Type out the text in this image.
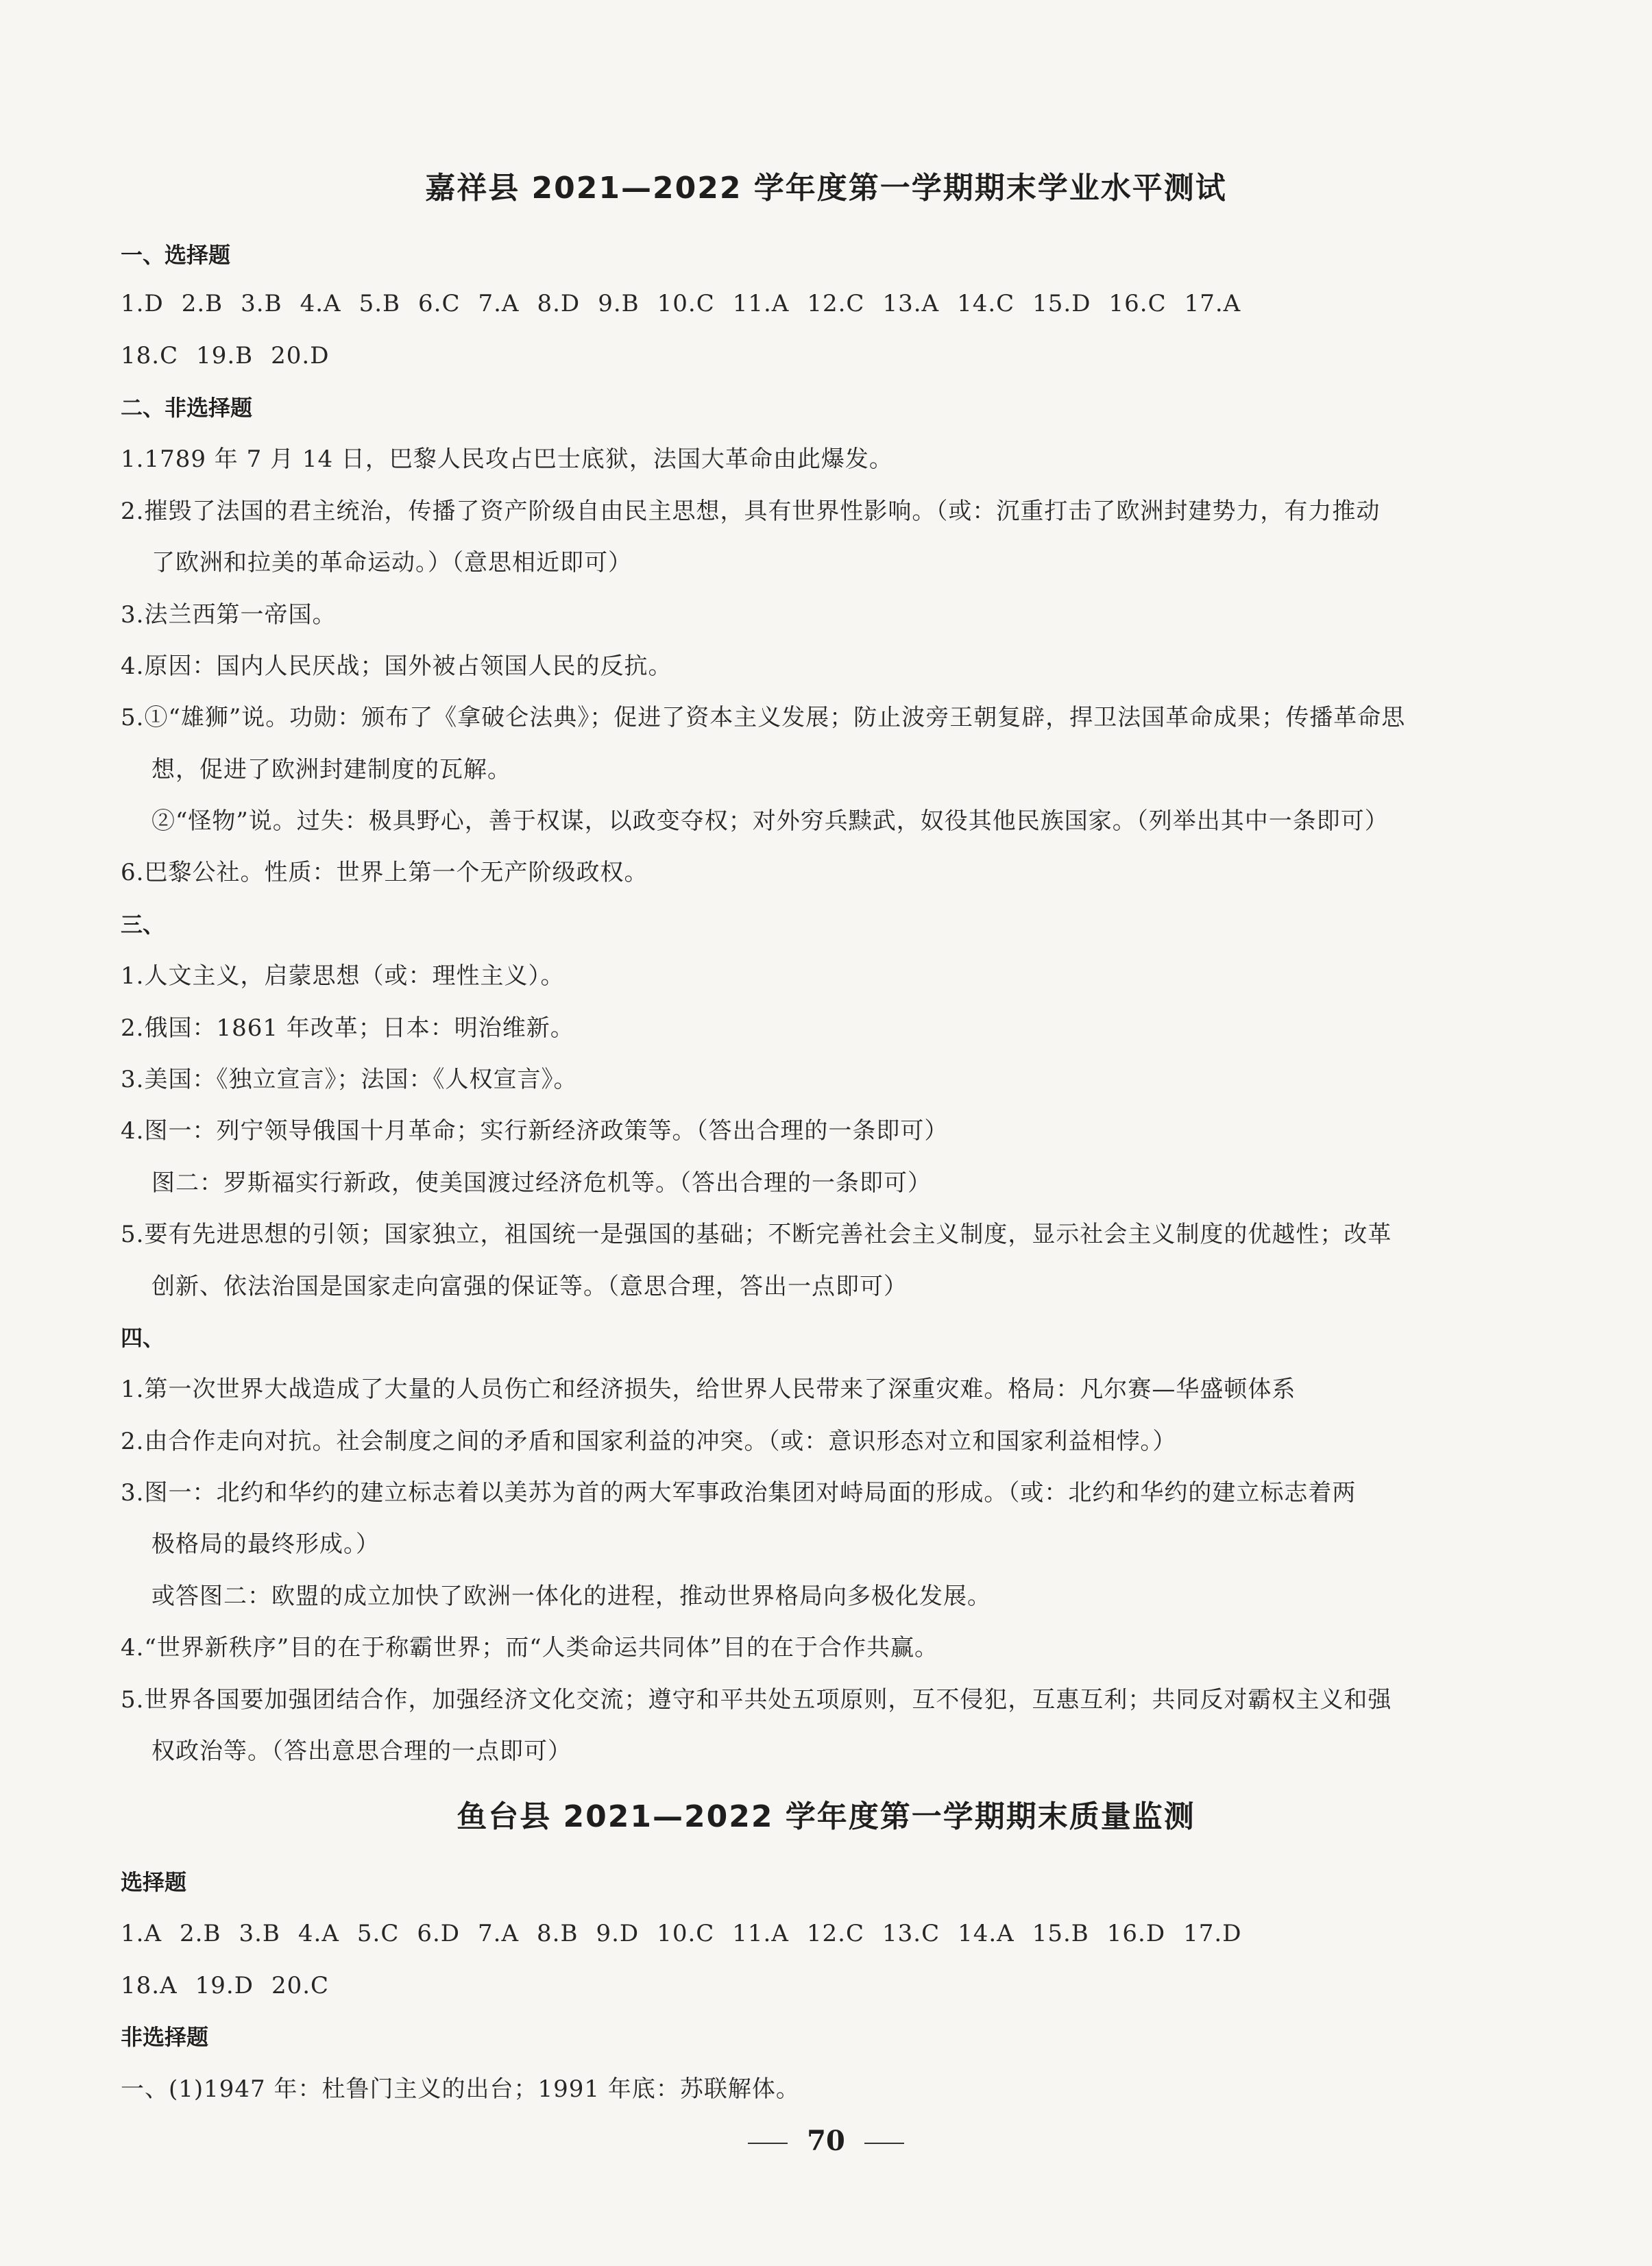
嘉祥县 2021—2022 学年度第一学期期末学业水平测试
一、选择题
1.D 2.B 3.B 4.A 5.B 6.C 7.A 8.D 9.B 10.C 11.A 12.C 13.A 14.C 15.D 16.C 17.A
18.C 19.B 20.D
二、非选择题
1.1789 年 7 月 14 日，巴黎人民攻占巴士底狱，法国大革命由此爆发。
2.摧毁了法国的君主统治，传播了资产阶级自由民主思想，具有世界性影响。（或：沉重打击了欧洲封建势力，有力推动
了欧洲和拉美的革命运动。）（意思相近即可）
3.法兰西第一帝国。
4.原因：国内人民厌战；国外被占领国人民的反抗。
5.①“雄狮”说。功勋：颁布了《拿破仑法典》；促进了资本主义发展；防止波旁王朝复辟，捍卫法国革命成果；传播革命思
想，促进了欧洲封建制度的瓦解。
②“怪物”说。过失：极具野心，善于权谋，以政变夺权；对外穷兵黩武，奴役其他民族国家。（列举出其中一条即可）
6.巴黎公社。性质：世界上第一个无产阶级政权。
三、
1.人文主义，启蒙思想（或：理性主义）。
2.俄国：1861 年改革；日本：明治维新。
3.美国：《独立宣言》；法国：《人权宣言》。
4.图一：列宁领导俄国十月革命；实行新经济政策等。（答出合理的一条即可）
图二：罗斯福实行新政，使美国渡过经济危机等。（答出合理的一条即可）
5.要有先进思想的引领；国家独立，祖国统一是强国的基础；不断完善社会主义制度，显示社会主义制度的优越性；改革
创新、依法治国是国家走向富强的保证等。（意思合理，答出一点即可）
四、
1.第一次世界大战造成了大量的人员伤亡和经济损失，给世界人民带来了深重灾难。格局：凡尔赛—华盛顿体系
2.由合作走向对抗。社会制度之间的矛盾和国家利益的冲突。（或：意识形态对立和国家利益相悖。）
3.图一：北约和华约的建立标志着以美苏为首的两大军事政治集团对峙局面的形成。（或：北约和华约的建立标志着两
极格局的最终形成。）
或答图二：欧盟的成立加快了欧洲一体化的进程，推动世界格局向多极化发展。
4.“世界新秩序”目的在于称霸世界；而“人类命运共同体”目的在于合作共赢。
5.世界各国要加强团结合作，加强经济文化交流；遵守和平共处五项原则，互不侵犯，互惠互利；共同反对霸权主义和强
权政治等。（答出意思合理的一点即可）
鱼台县 2021—2022 学年度第一学期期末质量监测
选择题
1.A 2.B 3.B 4.A 5.C 6.D 7.A 8.B 9.D 10.C 11.A 12.C 13.C 14.A 15.B 16.D 17.D
18.A 19.D 20.C
非选择题
一、(1)1947 年：杜鲁门主义的出台；1991 年底：苏联解体。
70
